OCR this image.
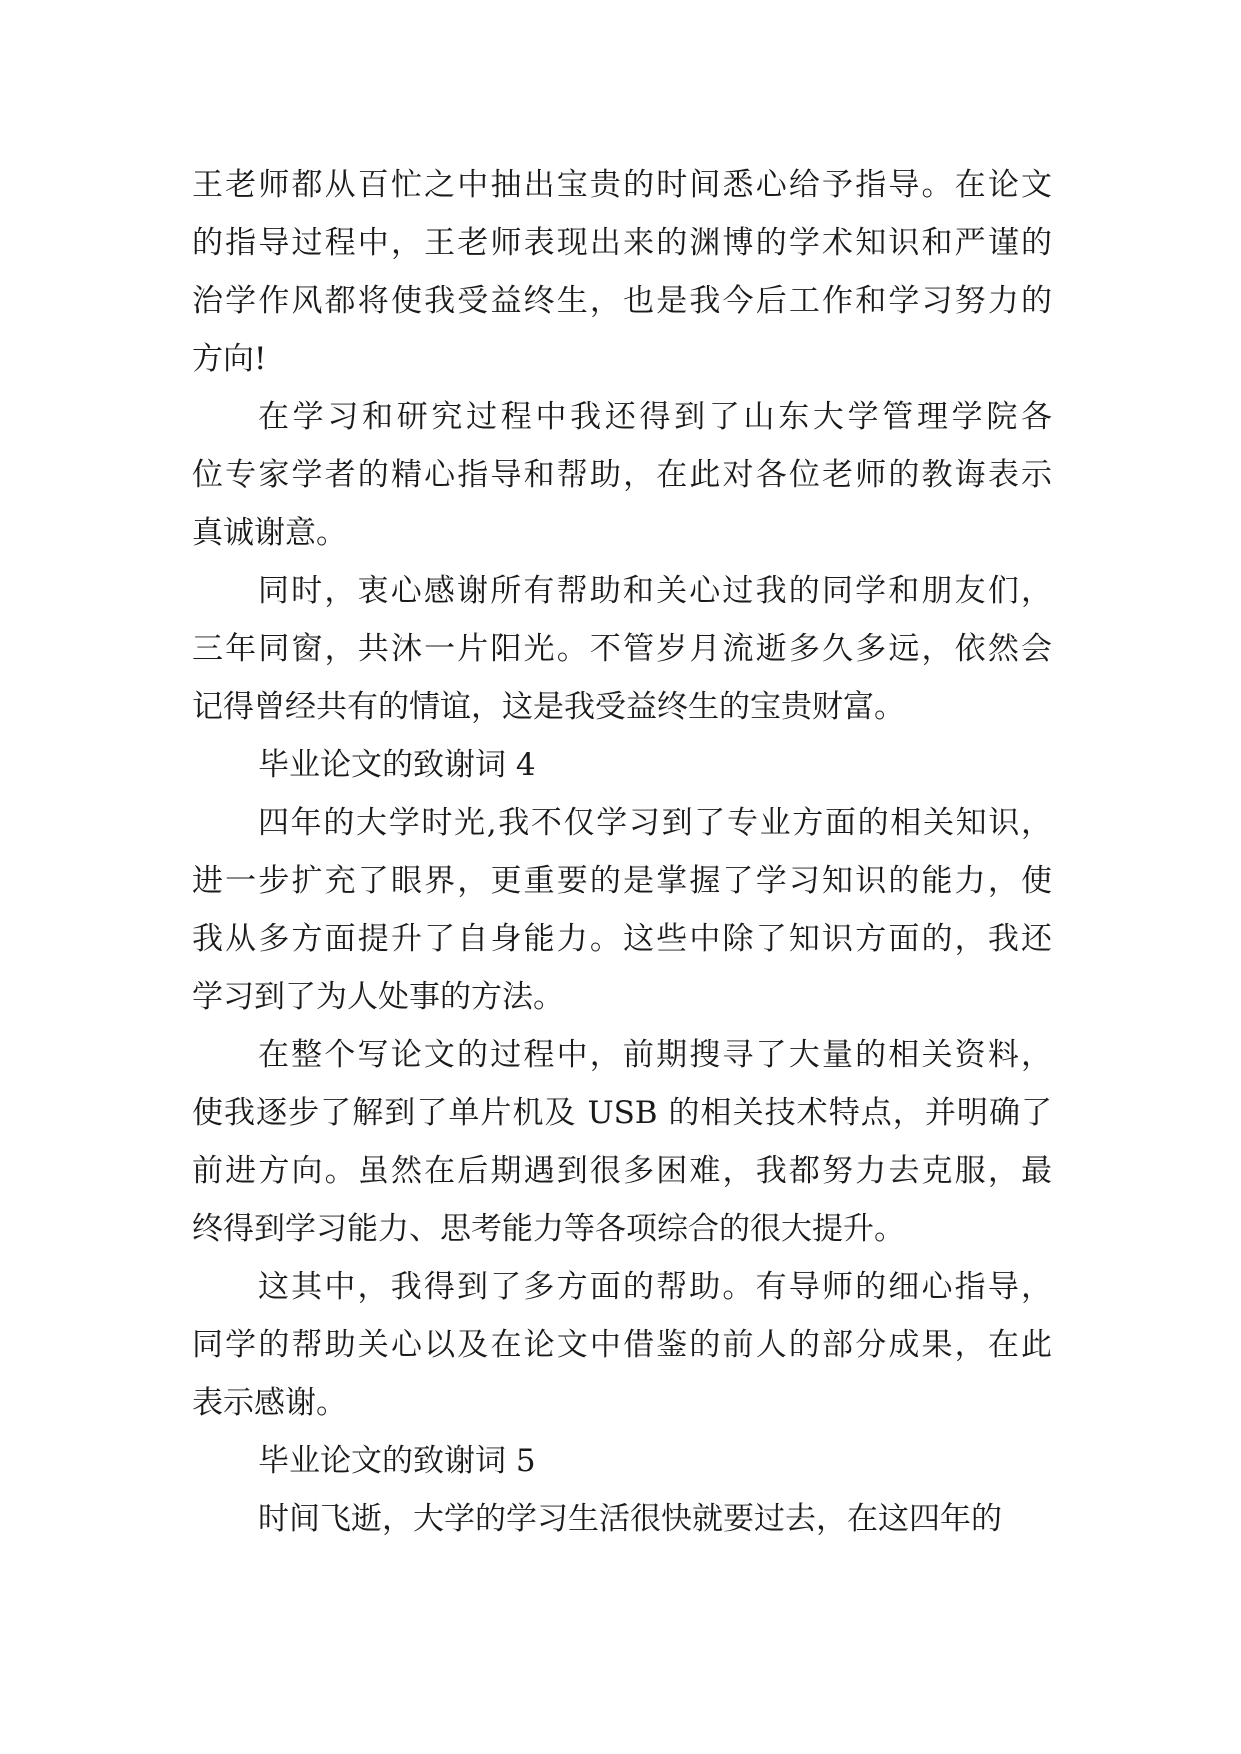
王老师都从百忙之中抽出宝贵的时间悉心给予指导。在论文
的指导过程中，王老师表现出来的渊博的学术知识和严谨的
治学作风都将使我受益终生，也是我今后工作和学习努力的
方向!
在学习和研究过程中我还得到了山东大学管理学院各
位专家学者的精心指导和帮助，在此对各位老师的教诲表示
真诚谢意。
同时，衷心感谢所有帮助和关心过我的同学和朋友们，
三年同窗，共沐一片阳光。不管岁月流逝多久多远，依然会
记得曾经共有的情谊，这是我受益终生的宝贵财富。
毕业论文的致谢词 4
四年的大学时光,我不仅学习到了专业方面的相关知识，
进一步扩充了眼界，更重要的是掌握了学习知识的能力，使
我从多方面提升了自身能力。这些中除了知识方面的，我还
学习到了为人处事的方法。
在整个写论文的过程中，前期搜寻了大量的相关资料，
使我逐步了解到了单片机及 USB 的相关技术特点，并明确了
前进方向。虽然在后期遇到很多困难，我都努力去克服，最
终得到学习能力、思考能力等各项综合的很大提升。
这其中，我得到了多方面的帮助。有导师的细心指导，
同学的帮助关心以及在论文中借鉴的前人的部分成果，在此
表示感谢。
毕业论文的致谢词 5
时间飞逝，大学的学习生活很快就要过去，在这四年的
